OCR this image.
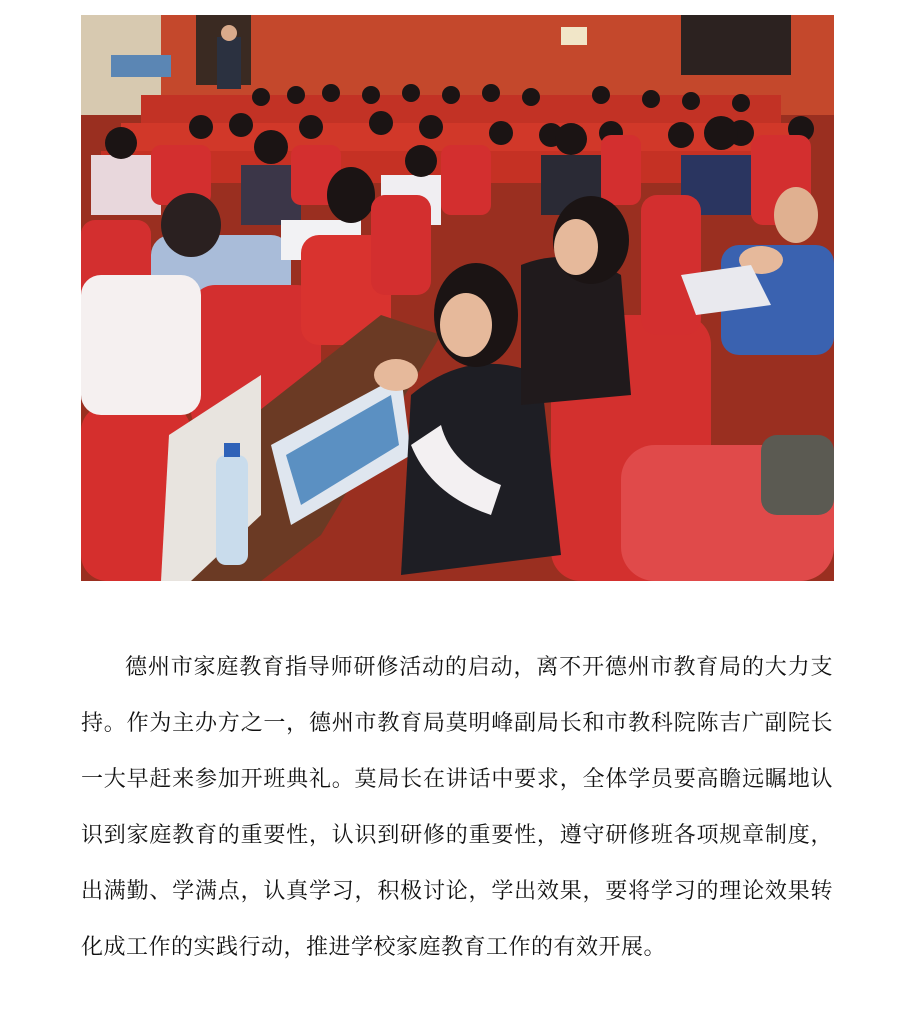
德州市家庭教育指导师研修活动的启动，离不开德州市教育局的大力支持。作为主办方之一，德州市教育局莫明峰副局长和市教科院陈吉广副院长一大早赶来参加开班典礼。莫局长在讲话中要求，全体学员要高瞻远瞩地认识到家庭教育的重要性，认识到研修的重要性，遵守研修班各项规章制度，出满勤、学满点，认真学习，积极讨论，学出效果，要将学习的理论效果转化成工作的实践行动，推进学校家庭教育工作的有效开展。
